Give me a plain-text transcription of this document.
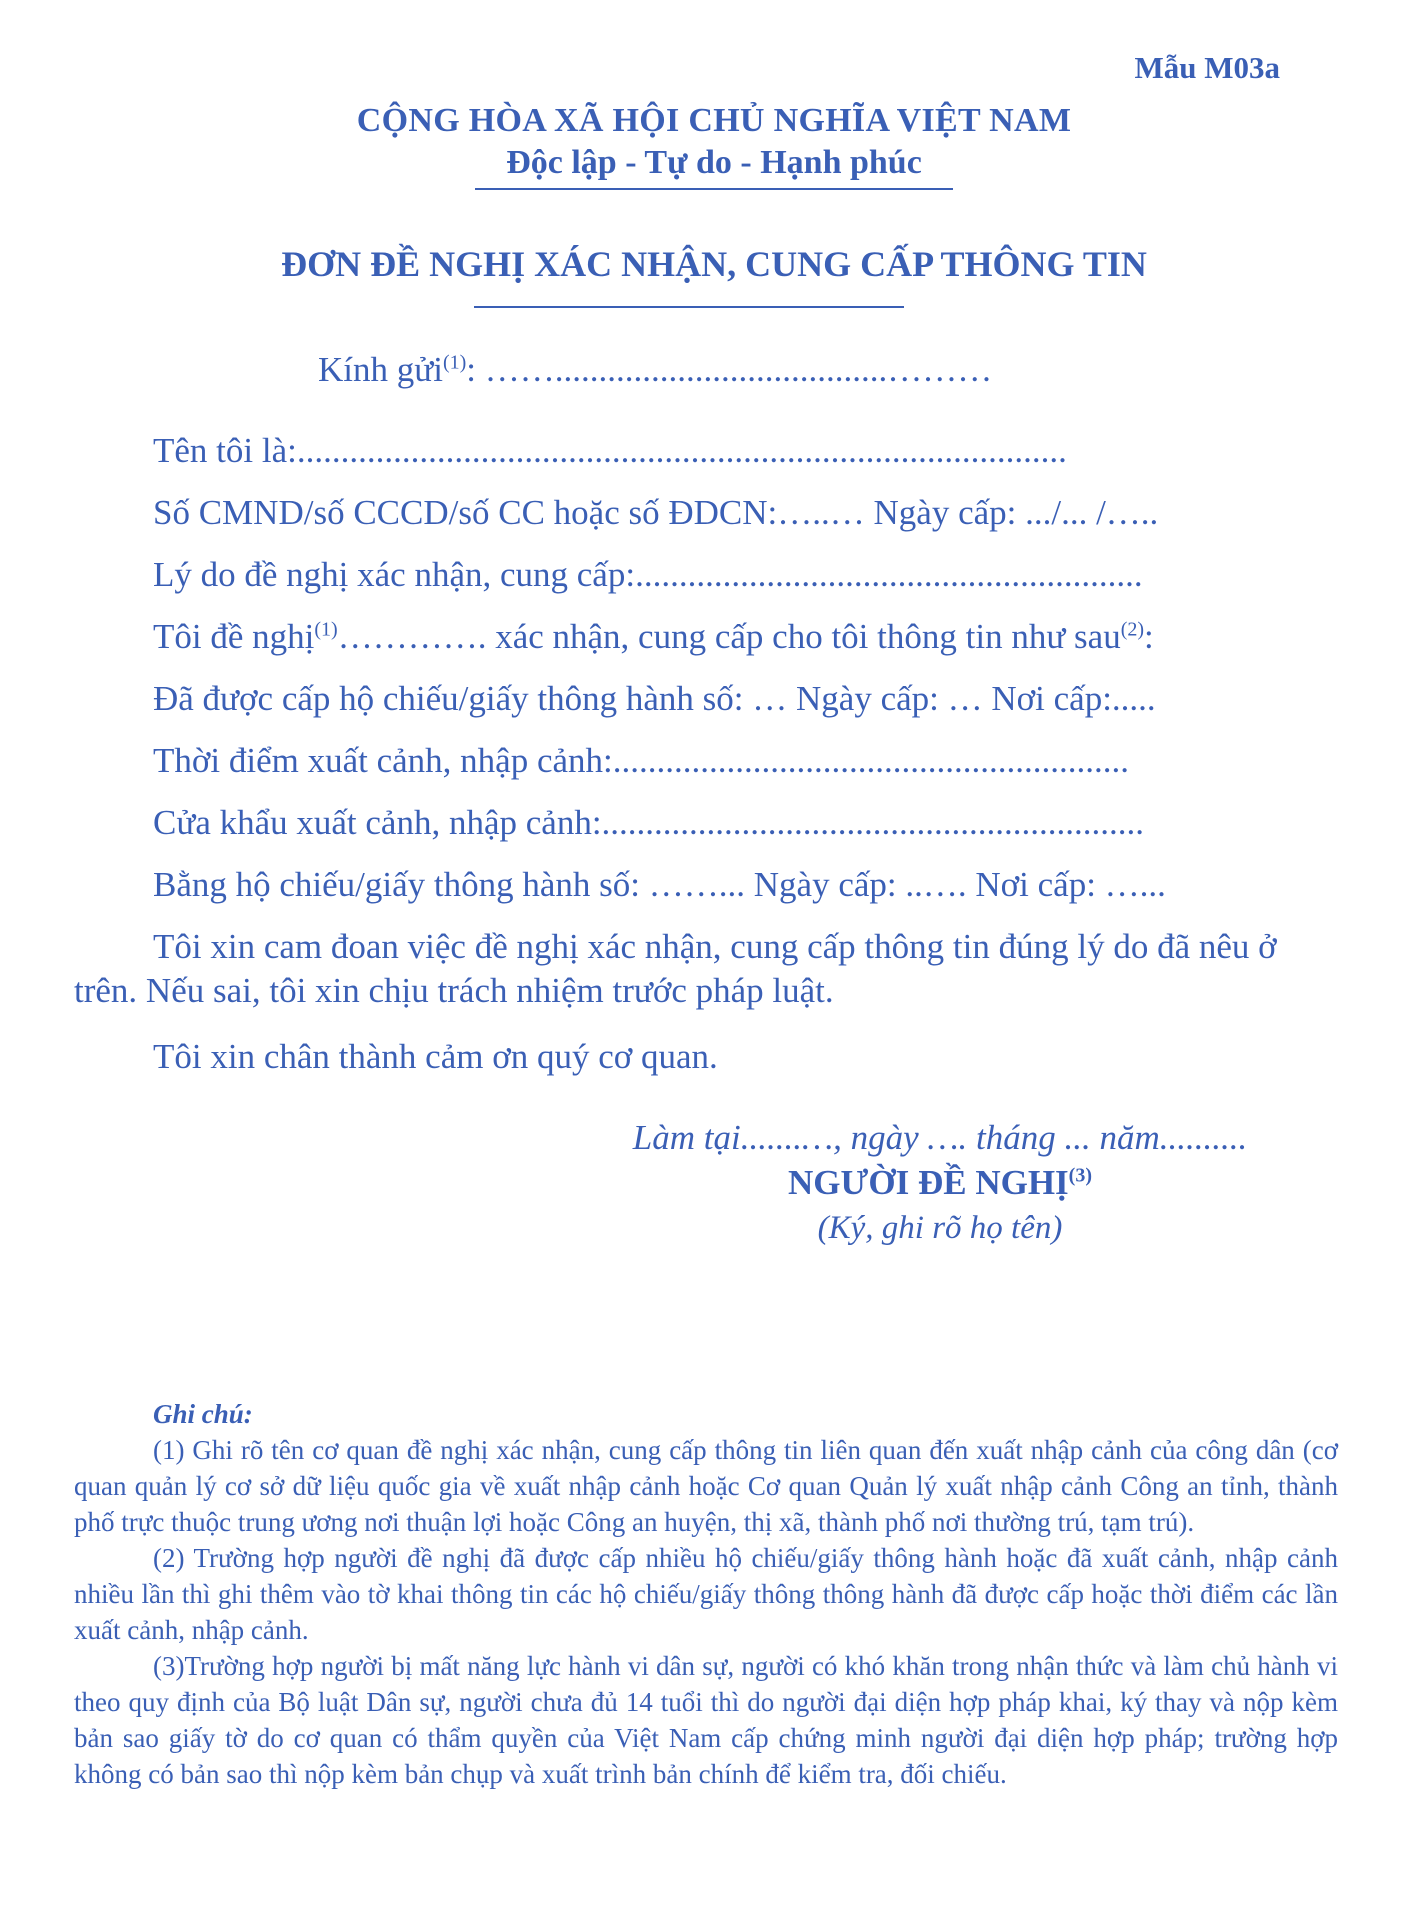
Mẫu M03a
CỘNG HÒA XÃ HỘI CHỦ NGHĨA VIỆT NAM
Độc lập - Tự do - Hạnh phúc
ĐƠN ĐỀ NGHỊ XÁC NHẬN, CUNG CẤP THÔNG TIN
Kính gửi$^{(1)}$: ……......................................………
Tên tôi là:........................................................................................
Số CMND/số CCCD/số CC hoặc số ĐDCN:…..… Ngày cấp: .../... /…..
Lý do đề nghị xác nhận, cung cấp:..........................................................
Tôi đề nghị$^{(1)}$…………. xác nhận, cung cấp cho tôi thông tin như sau$^{(2)}$:
Đã được cấp hộ chiếu/giấy thông hành số: … Ngày cấp: … Nơi cấp:.....
Thời điểm xuất cảnh, nhập cảnh:...........................................................
Cửa khẩu xuất cảnh, nhập cảnh:..............................................................
Bằng hộ chiếu/giấy thông hành số: ……... Ngày cấp: ..…. Nơi cấp: …...
Tôi xin cam đoan việc đề nghị xác nhận, cung cấp thông tin đúng lý do đã nêu ở trên. Nếu sai, tôi xin chịu trách nhiệm trước pháp luật.
Tôi xin chân thành cảm ơn quý cơ quan.
Làm tại.......…, ngày …. tháng ... năm..........
NGƯỜI ĐỀ NGHỊ$^{(3)}$
(Ký, ghi rõ họ tên)
Ghi chú:

(1) Ghi rõ tên cơ quan đề nghị xác nhận, cung cấp thông tin liên quan đến xuất nhập cảnh của công dân (cơ quan quản lý cơ sở dữ liệu quốc gia về xuất nhập cảnh hoặc Cơ quan Quản lý xuất nhập cảnh Công an tỉnh, thành phố trực thuộc trung ương nơi thuận lợi hoặc Công an huyện, thị xã, thành phố nơi thường trú, tạm trú).

(2) Trường hợp người đề nghị đã được cấp nhiều hộ chiếu/giấy thông hành hoặc đã xuất cảnh, nhập cảnh nhiều lần thì ghi thêm vào tờ khai thông tin các hộ chiếu/giấy thông thông hành đã được cấp hoặc thời điểm các lần xuất cảnh, nhập cảnh.

(3)Trường hợp người bị mất năng lực hành vi dân sự, người có khó khăn trong nhận thức và làm chủ hành vi theo quy định của Bộ luật Dân sự, người chưa đủ 14 tuổi thì do người đại diện hợp pháp khai, ký thay và nộp kèm bản sao giấy tờ do cơ quan có thẩm quyền của Việt Nam cấp chứng minh người đại diện hợp pháp; trường hợp không có bản sao thì nộp kèm bản chụp và xuất trình bản chính để kiểm tra, đối chiếu.
